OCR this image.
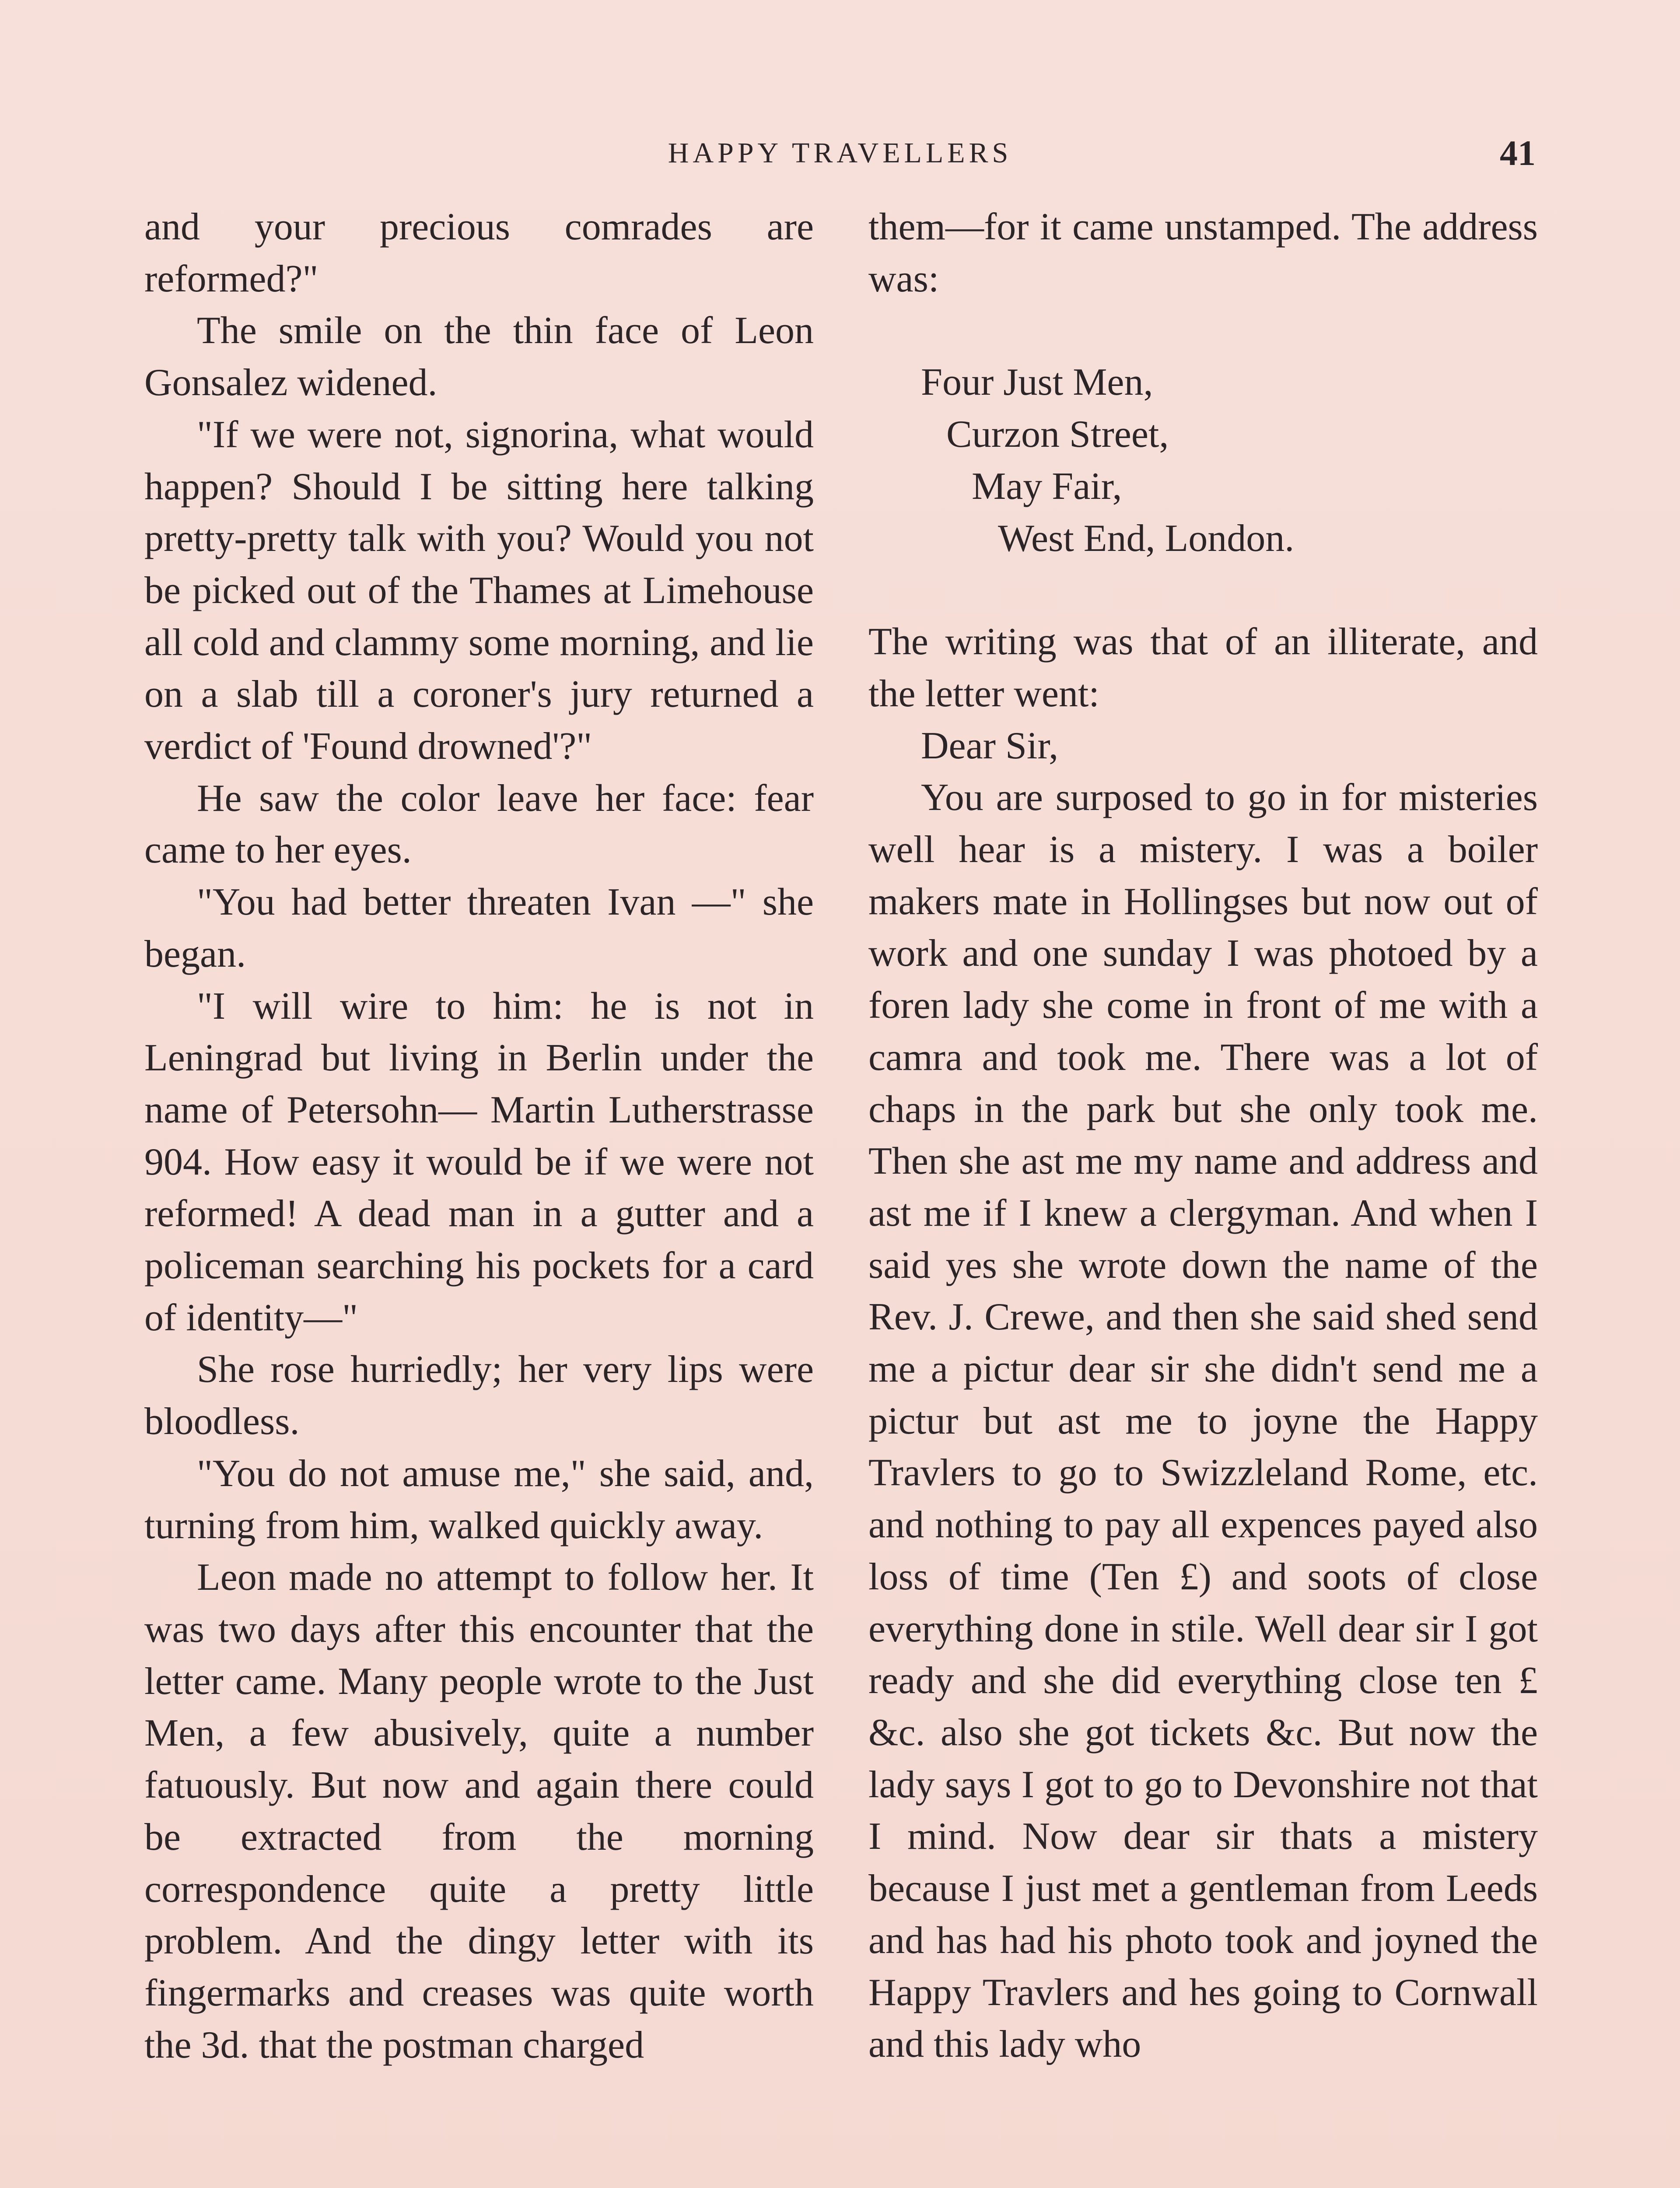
HAPPY TRAVELLERS	41

and your precious comrades are reformed?"

The smile on the thin face of Leon Gonsalez widened.

"If we were not, signorina, what would happen? Should I be sitting here talking pretty-pretty talk with you? Would you not be picked out of the Thames at Limehouse all cold and clammy some morning, and lie on a slab till a coroner's jury returned a verdict of 'Found drowned'?"

He saw the color leave her face: fear came to her eyes.

"You had better threaten Ivan —" she began.

"I will wire to him: he is not in Leningrad but living in Berlin under the name of Petersohn— Martin Lutherstrasse 904. How easy it would be if we were not reformed! A dead man in a gutter and a policeman searching his pockets for a card of identity—"

She rose hurriedly; her very lips were bloodless.

"You do not amuse me," she said, and, turning from him, walked quickly away.

Leon made no attempt to follow her. It was two days after this encounter that the letter came. Many people wrote to the Just Men, a few abusively, quite a number fatuously. But now and again there could be extracted from the morning correspondence quite a pretty little problem. And the dingy letter with its fingermarks and creases was quite worth the 3d. that the postman charged

them—for it came unstamped. The address was:

Four Just Men,
Curzon Street,
May Fair,
West End, London.

The writing was that of an illiterate, and the letter went:

Dear Sir,

You are surposed to go in for misteries well hear is a mistery. I was a boiler makers mate in Hollingses but now out of work and one sunday I was photoed by a foren lady she come in front of me with a camra and took me. There was a lot of chaps in the park but she only took me. Then she ast me my name and address and ast me if I knew a clergyman. And when I said yes she wrote down the name of the Rev. J. Crewe, and then she said shed send me a pictur dear sir she didn't send me a pictur but ast me to joyne the Happy Travlers to go to Swizzleland Rome, etc. and nothing to pay all expences payed also loss of time (Ten £) and soots of close everything done in stile. Well dear sir I got ready and she did everything close ten £ &c. also she got tickets &c. But now the lady says I got to go to Devonshire not that I mind. Now dear sir thats a mistery because I just met a gentleman from Leeds and has had his photo took and joyned the Happy Travlers and hes going to Cornwall and this lady who
